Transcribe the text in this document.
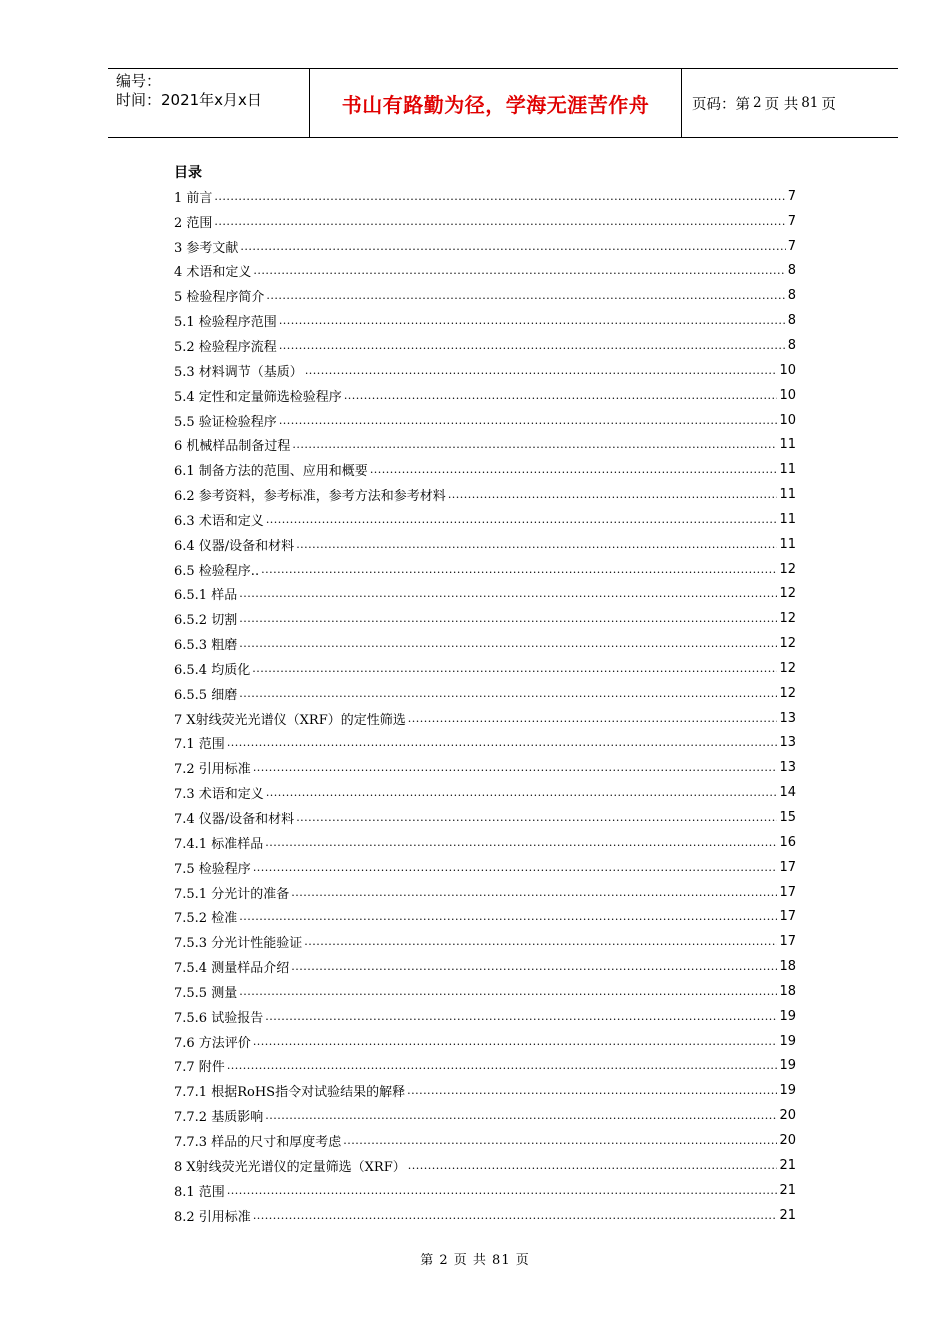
编号：
时间：2021年x月x日	书山有路勤为径，学海无涯苦作舟	页码：第 2 页 共 81 页
目录
1 前言 .....	7
2 范围 .....	7
3 参考文献 .....	7
4 术语和定义 .....	8
5 检验程序简介 .....	8
5.1 检验程序范围 .....	8
5.2 检验程序流程 .....	8
5.3 材料调节（基质） .....	10
5.4 定性和定量筛选检验程序 .....	10
5.5 验证检验程序 .....	10
6 机械样品制备过程 .....	11
6.1 制备方法的范围、应用和概要 .....	11
6.2 参考资料，参考标准，参考方法和参考材料 .....	11
6.3 术语和定义 .....	11
6.4 仪器/设备和材料 .....	11
6.5 检验程序.. .....	12
6.5.1 样品 .....	12
6.5.2 切割 .....	12
6.5.3 粗磨 .....	12
6.5.4 均质化 .....	12
6.5.5 细磨 .....	12
7 X射线荧光光谱仪（XRF）的定性筛选 .....	13
7.1 范围 .....	13
7.2 引用标准 .....	13
7.3 术语和定义 .....	14
7.4 仪器/设备和材料 .....	15
7.4.1 标准样品 .....	16
7.5 检验程序 .....	17
7.5.1 分光计的准备 .....	17
7.5.2 检准 .....	17
7.5.3 分光计性能验证 .....	17
7.5.4 测量样品介绍 .....	18
7.5.5 测量 .....	18
7.5.6 试验报告 .....	19
7.6 方法评价 .....	19
7.7 附件 .....	19
7.7.1 根据RoHS指令对试验结果的解释 .....	19
7.7.2 基质影响 .....	20
7.7.3 样品的尺寸和厚度考虑 .....	20
8 X射线荧光光谱仪的定量筛选（XRF） .....	21
8.1 范围 .....	21
8.2 引用标准 .....	21
第 2 页 共 81 页
